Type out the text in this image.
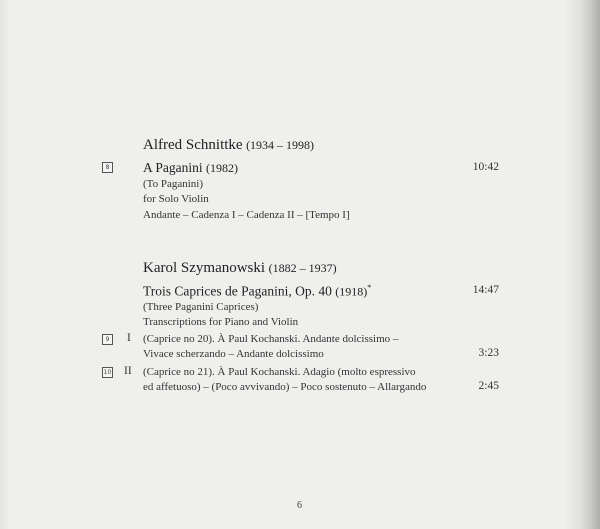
Alfred Schnittke (1934 – 1998)
8 A Paganini (1982)	10:42
(To Paganini)
for Solo Violin
Andante – Cadenza I – Cadenza II – [Tempo I]
Karol Szymanowski (1882 – 1937)
Trois Caprices de Paganini, Op. 40 (1918)*	14:47
(Three Paganini Caprices)
Transcriptions for Piano and Violin
9	I (Caprice no 20). À Paul Kochanski. Andante dolcissimo –
Vivace scherzando – Andante dolcissimo	3:23
10 II (Caprice no 21). À Paul Kochanski. Adagio (molto espressivo
ed affetuoso) – (Poco avvivando) – Poco sostenuto – Allargando	2:45
6
